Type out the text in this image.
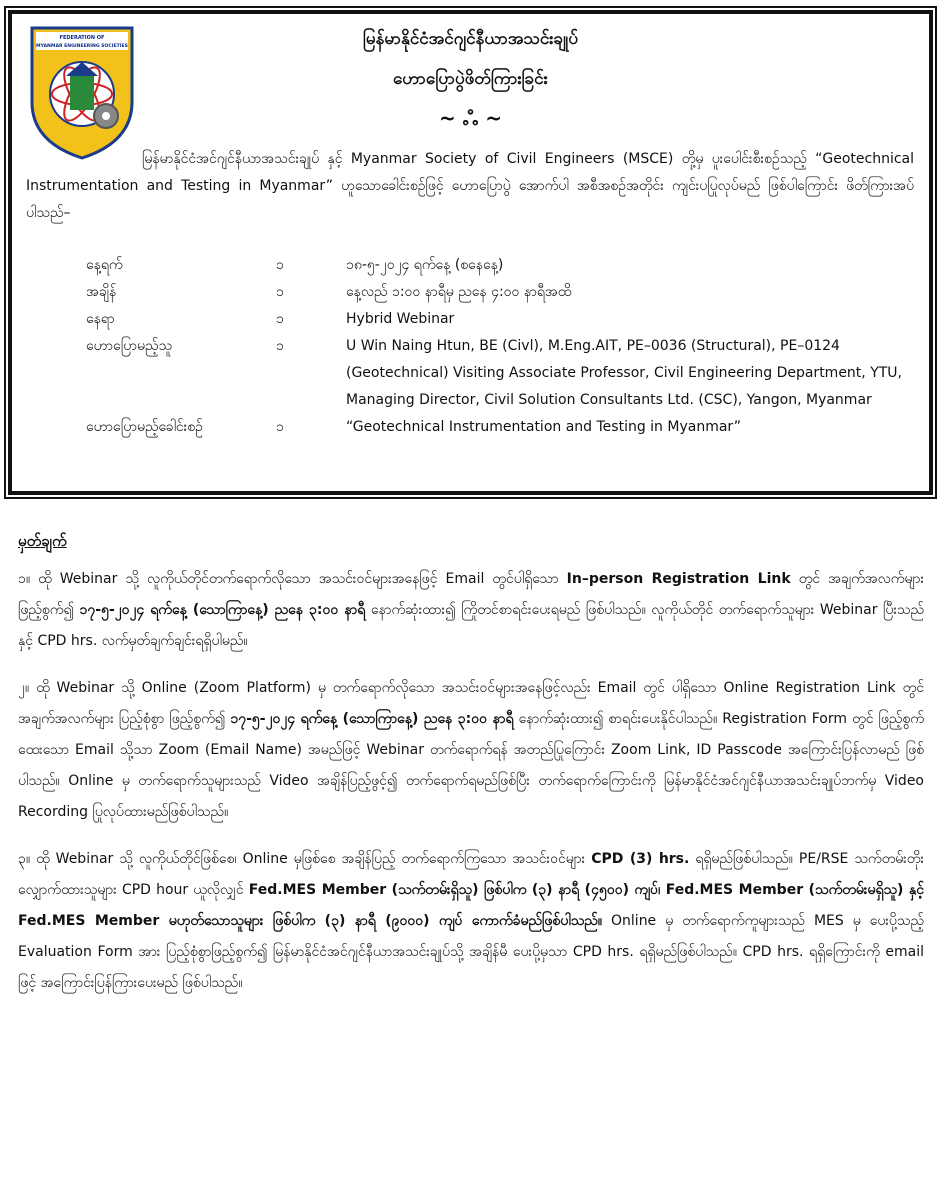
FEDERATION OF
MYANMAR ENGINEERING SOCIETIES	မြန်မာနိုင်ငံအင်ဂျင်နီယာအသင်းချုပ်
ဟောပြောပွဲဖိတ်ကြားခြင်း
~ ஃ ~

မြန်မာနိုင်ငံအင်ဂျင်နီယာအသင်းချုပ် နှင့် Myanmar Society of Civil Engineers (MSCE) တို့မှ ပူးပေါင်းစီးစဉ်သည့် “Geotechnical Instrumentation and Testing in Myanmar” ဟူသောခေါင်းစဉ်ဖြင့် ဟောပြောပွဲ အောက်ပါ အစီအစဉ်အတိုင်း ကျင်းပပြုလုပ်မည် ဖြစ်ပါကြောင်း ဖိတ်ကြားအပ်ပါသည်–

နေ့ရက်	၁	၁၈-၅-၂၀၂၄ ရက်နေ့ (စနေနေ့)
အချိန်	၁	နေ့လည် ၁:၀၀ နာရီမှ ညနေ ၄:၀၀ နာရီအထိ
နေရာ	၁	Hybrid Webinar
ဟောပြောမည့်သူ	၁	U Win Naing Htun, BE (Civl), M.Eng.AIT, PE–0036 (Structural), PE–0124 (Geotechnical) Visiting Associate Professor, Civil Engineering Department, YTU, Managing Director, Civil Solution Consultants Ltd. (CSC), Yangon, Myanmar
ဟောပြောမည့်ခေါင်းစဉ်	၁	“Geotechnical Instrumentation and Testing in Myanmar”
မှတ်ချက်

၁။ ထို Webinar သို့ လူကိုယ်တိုင်တက်ရောက်လိုသော အသင်းဝင်များအနေဖြင့် Email တွင်ပါရှိသော In–person Registration Link တွင် အချက်အလက်များ ဖြည့်စွက်၍ ၁၇-၅-၂၀၂၄ ရက်နေ့ (သောကြာနေ့) ညနေ ၃:၀၀ နာရီ နောက်ဆုံးထား၍ ကြိုတင်စာရင်းပေးရမည် ဖြစ်ပါသည်။ လူကိုယ်တိုင် တက်ရောက်သူများ Webinar ပြီးသည်နှင့် CPD hrs. လက်မှတ်ချက်ချင်းရရှိပါမည်။

၂။ ထို Webinar သို့ Online (Zoom Platform) မှ တက်ရောက်လိုသော အသင်းဝင်များအနေဖြင့်လည်း Email တွင် ပါရှိသော Online Registration Link တွင် အချက်အလက်များ ပြည့်စုံစွာ ဖြည့်စွက်၍ ၁၇-၅-၂၀၂၄ ရက်နေ့ (သောကြာနေ့) ညနေ ၃:၀၀ နာရီ နောက်ဆုံးထား၍ စာရင်းပေးနိုင်ပါသည်။ Registration Form တွင် ဖြည့်စွက်ထေးသော Email သို့သာ Zoom (Email Name) အမည်ဖြင့် Webinar တက်ရောက်ရန် အတည်ပြုကြောင်း Zoom Link, ID Passcode အကြောင်းပြန်လာမည် ဖြစ်ပါသည်။ Online မှ တက်ရောက်သူများသည် Video အချိန်ပြည့်ဖွင့်၍ တက်ရောက်ရမည်ဖြစ်ပြီး တက်ရောက်ကြောင်းကို မြန်မာနိုင်ငံအင်ဂျင်နီယာအသင်းချုပ်ဘက်မှ Video Recording ပြုလုပ်ထားမည်ဖြစ်ပါသည်။

၃။ ထို Webinar သို့ လူကိုယ်တိုင်ဖြစ်စေ၊ Online မှဖြစ်စေ အချိန်ပြည့် တက်ရောက်ကြသော အသင်းဝင်များ CPD (3) hrs. ရရှိမည်ဖြစ်ပါသည်။ PE/RSE သက်တမ်းတိုးလျှောက်ထားသူများ CPD hour ယူလိုလျှင် Fed.MES Member (သက်တမ်းရှိသူ) ဖြစ်ပါက (၃) နာရီ (၄၅၀၀) ကျပ်၊ Fed.MES Member (သက်တမ်းမရှိသူ) နှင့် Fed.MES Member မဟုတ်သောသူများ ဖြစ်ပါက (၃) နာရီ (၉၀၀၀) ကျပ် ကောက်ခံမည်ဖြစ်ပါသည်။ Online မှ တက်ရောက်ကူများသည် MES မှ ပေးပို့သည့် Evaluation Form အား ပြည့်စုံစွာဖြည့်စွက်၍ မြန်မာနိုင်ငံအင်ဂျင်နီယာအသင်းချုပ်သို့ အချိန်မီ ပေးပို့မှသာ CPD hrs. ရရှိမည်ဖြစ်ပါသည်။ CPD hrs. ရရှိကြောင်းကို email ဖြင့် အကြောင်းပြန်ကြားပေးမည် ဖြစ်ပါသည်။
